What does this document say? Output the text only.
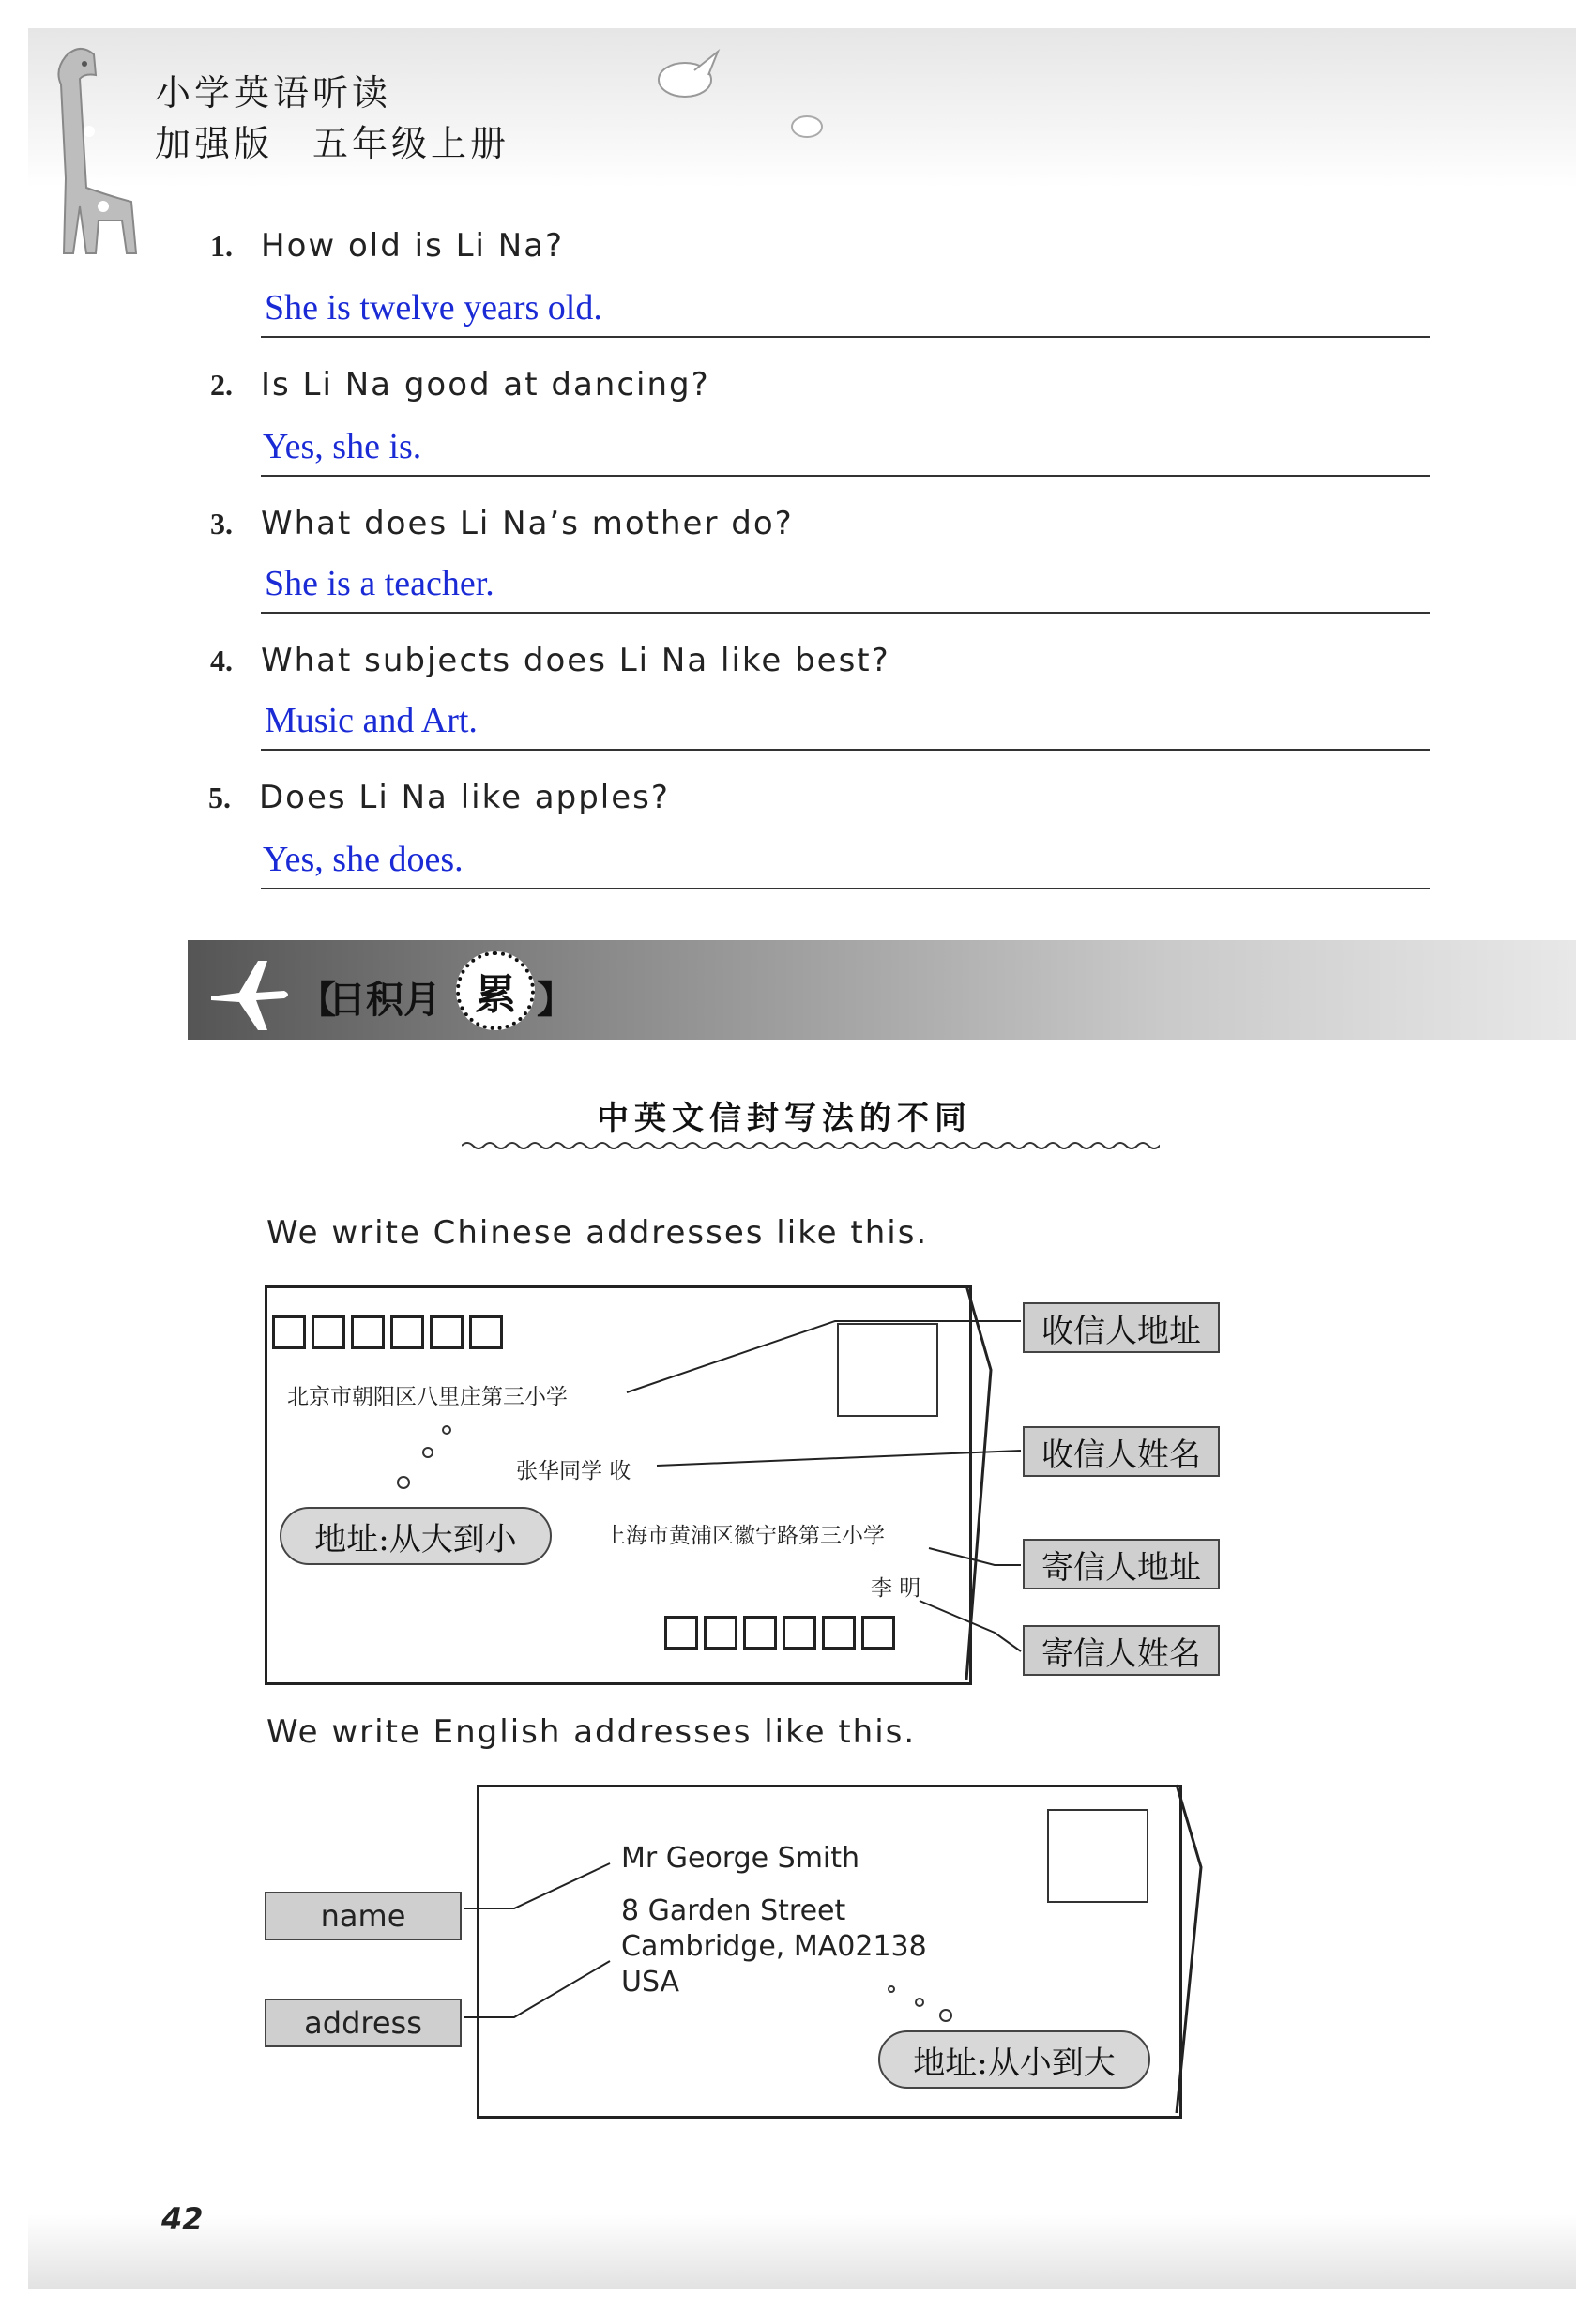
小学英语听读
加强版　五年级上册
1. How old is Li Na?
She is twelve years old.
2. Is Li Na good at dancing?
Yes, she is.
3. What does Li Na’s mother do?
She is a teacher.
4. What subjects does Li Na like best?
Music and Art.
5. Does Li Na like apples?
Yes, she does.
【
日积月 累 】
中英文信封写法的不同
We write Chinese addresses like this.
北京市朝阳区八里庄第三小学
张华同学 收
上海市黄浦区徽宁路第三小学
李 明
地址:从大到小
收信人地址
收信人姓名
寄信人地址
寄信人姓名
We write English addresses like this.
Mr George Smith
8 Garden Street
Cambridge, MA02138
USA
地址:从小到大
name
address
42
